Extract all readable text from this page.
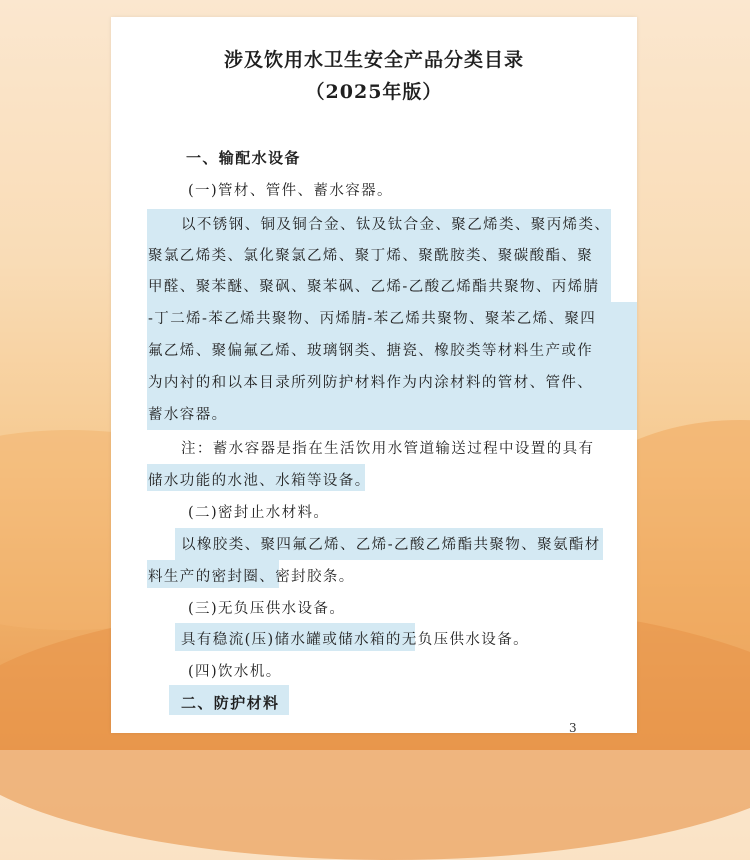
涉及饮用水卫生安全产品分类目录
（2025年版）
一、输配水设备
(一)管材、管件、蓄水容器。
以不锈钢、铜及铜合金、钛及钛合金、聚乙烯类、聚丙烯类、
聚氯乙烯类、氯化聚氯乙烯、聚丁烯、聚酰胺类、聚碳酸酯、聚
甲醛、聚苯醚、聚砜、聚苯砜、乙烯-乙酸乙烯酯共聚物、丙烯腈
-丁二烯-苯乙烯共聚物、丙烯腈-苯乙烯共聚物、聚苯乙烯、聚四
氟乙烯、聚偏氟乙烯、玻璃钢类、搪瓷、橡胶类等材料生产或作
为内衬的和以本目录所列防护材料作为内涂材料的管材、管件、
蓄水容器。
注：蓄水容器是指在生活饮用水管道输送过程中设置的具有
储水功能的水池、水箱等设备。
(二)密封止水材料。
以橡胶类、聚四氟乙烯、乙烯-乙酸乙烯酯共聚物、聚氨酯材
料生产的密封圈、密封胶条。
(三)无负压供水设备。
具有稳流(压)储水罐或储水箱的无负压供水设备。
(四)饮水机。
二、防护材料
3
